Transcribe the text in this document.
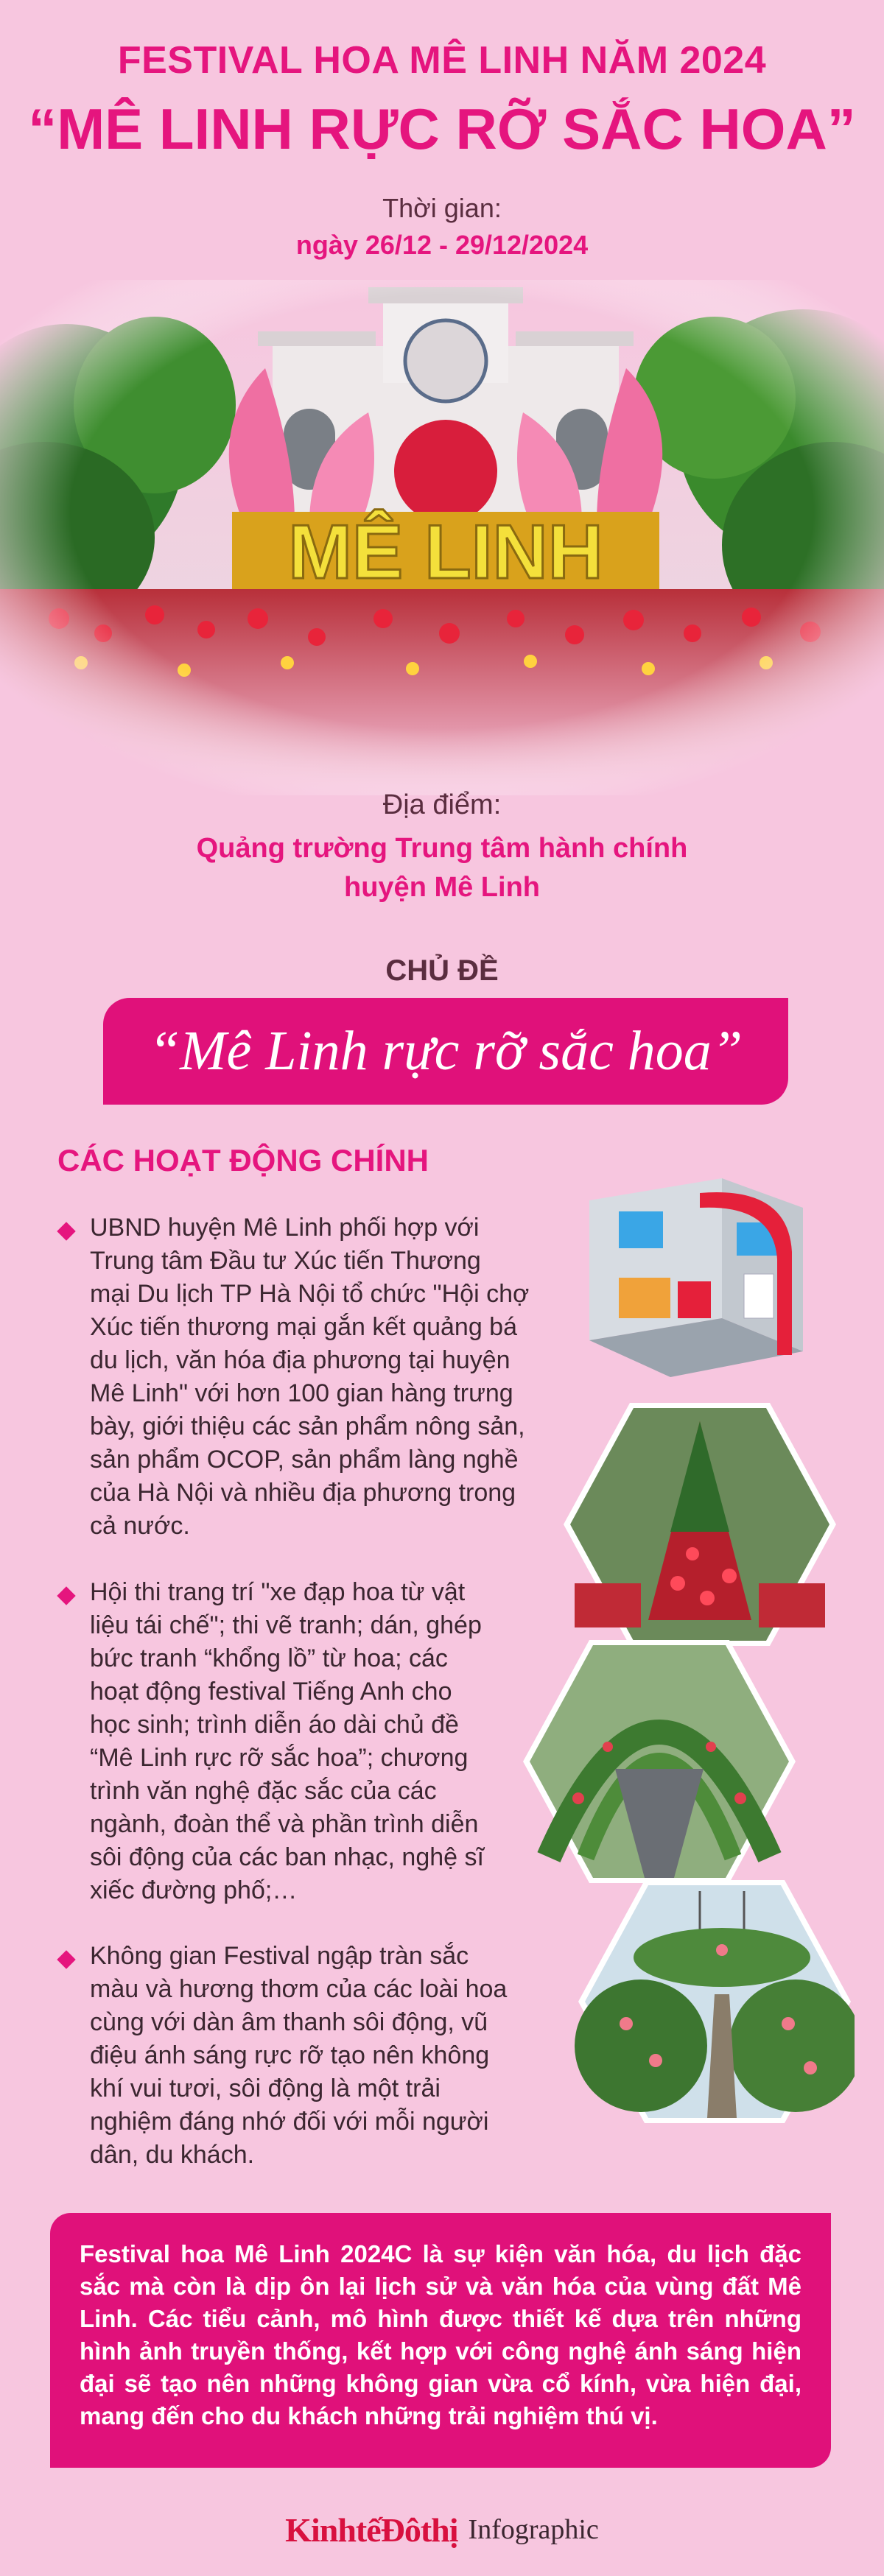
FESTIVAL HOA MÊ LINH NĂM 2024
“MÊ LINH RỰC RỠ SẮC HOA”
Thời gian:
ngày 26/12 - 29/12/2024
Địa điểm:
Quảng trường Trung tâm hành chính
huyện Mê Linh
CHỦ ĐỀ
“Mê Linh rực rỡ sắc hoa”
CÁC HOẠT ĐỘNG CHÍNH
UBND huyện Mê Linh phối hợp với
Trung tâm Đầu tư Xúc tiến Thương
mại Du lịch TP Hà Nội tổ chức "Hội chợ
Xúc tiến thương mại gắn kết quảng bá
du lịch, văn hóa địa phương tại huyện
Mê Linh" với hơn 100 gian hàng trưng
bày, giới thiệu các sản phẩm nông sản,
sản phẩm OCOP, sản phẩm làng nghề
của Hà Nội và nhiều địa phương trong
cả nước.
Hội thi trang trí "xe đạp hoa từ vật
liệu tái chế"; thi vẽ tranh; dán, ghép
bức tranh “khổng lồ” từ hoa; các
hoạt động festival Tiếng Anh cho
học sinh; trình diễn áo dài chủ đề
“Mê Linh rực rỡ sắc hoa”; chương
trình văn nghệ đặc sắc của các
ngành, đoàn thể và phần trình diễn
sôi động của các ban nhạc, nghệ sĩ
xiếc đường phố;…
Không gian Festival ngập tràn sắc
màu và hương thơm của các loài hoa
cùng với dàn âm thanh sôi động, vũ
điệu ánh sáng rực rỡ tạo nên không
khí vui tươi, sôi động là một trải
nghiệm đáng nhớ đối với mỗi người
dân, du khách.
Festival hoa Mê Linh 2024C là sự kiện văn hóa, du lịch đặc sắc mà còn là dịp ôn lại lịch sử và văn hóa của vùng đất Mê Linh. Các tiểu cảnh, mô hình được thiết kế dựa trên những hình ảnh truyền thống, kết hợp với công nghệ ánh sáng hiện đại sẽ tạo nên những không gian vừa cổ kính, vừa hiện đại, mang đến cho du khách những trải nghiệm thú vị.
KinhtếĐôthị Infographic
